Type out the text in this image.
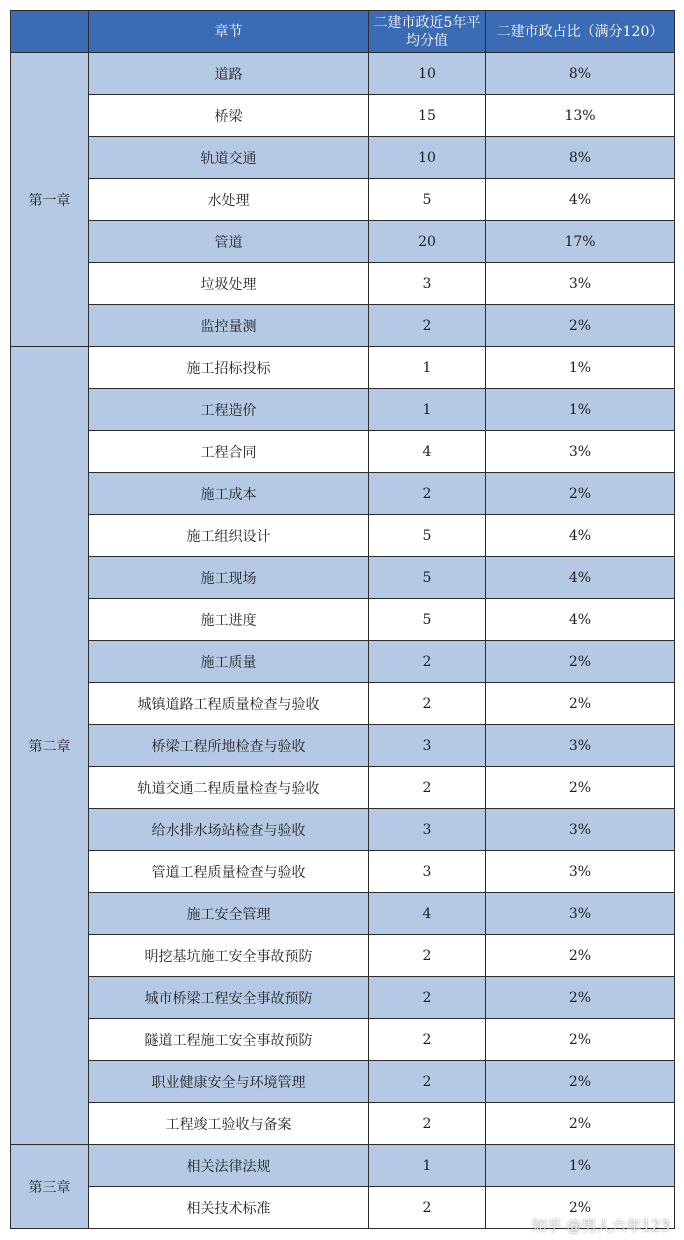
	章节	二建市政近5年平均分值	二建市政占比（满分120）
第一章	道路	10	8%
	桥梁	15	13%
	轨道交通	10	8%
	水处理	5	4%
	管道	20	17%
	垃圾处理	3	3%
	监控量测	2	2%
第二章	施工招标投标	1	1%
	工程造价	1	1%
	工程合同	4	3%
	施工成本	2	2%
	施工组织设计	5	4%
	施工现场	5	4%
	施工进度	5	4%
	施工质量	2	2%
	城镇道路工程质量检查与验收	2	2%
	桥梁工程所地检查与验收	3	3%
	轨道交通二程质量检查与验收	2	2%
	给水排水场站检查与验收	3	3%
	管道工程质量检查与验收	3	3%
	施工安全管理	4	3%
	明挖基坑施工安全事故预防	2	2%
	城市桥梁工程安全事故预防	2	2%
	隧道工程施工安全事故预防	2	2%
	职业健康安全与环境管理	2	2%
	工程竣工验收与备案	2	2%
第三章	相关法律法规	1	1%
	相关技术标准	2	2%
知乎 @男人六年123
